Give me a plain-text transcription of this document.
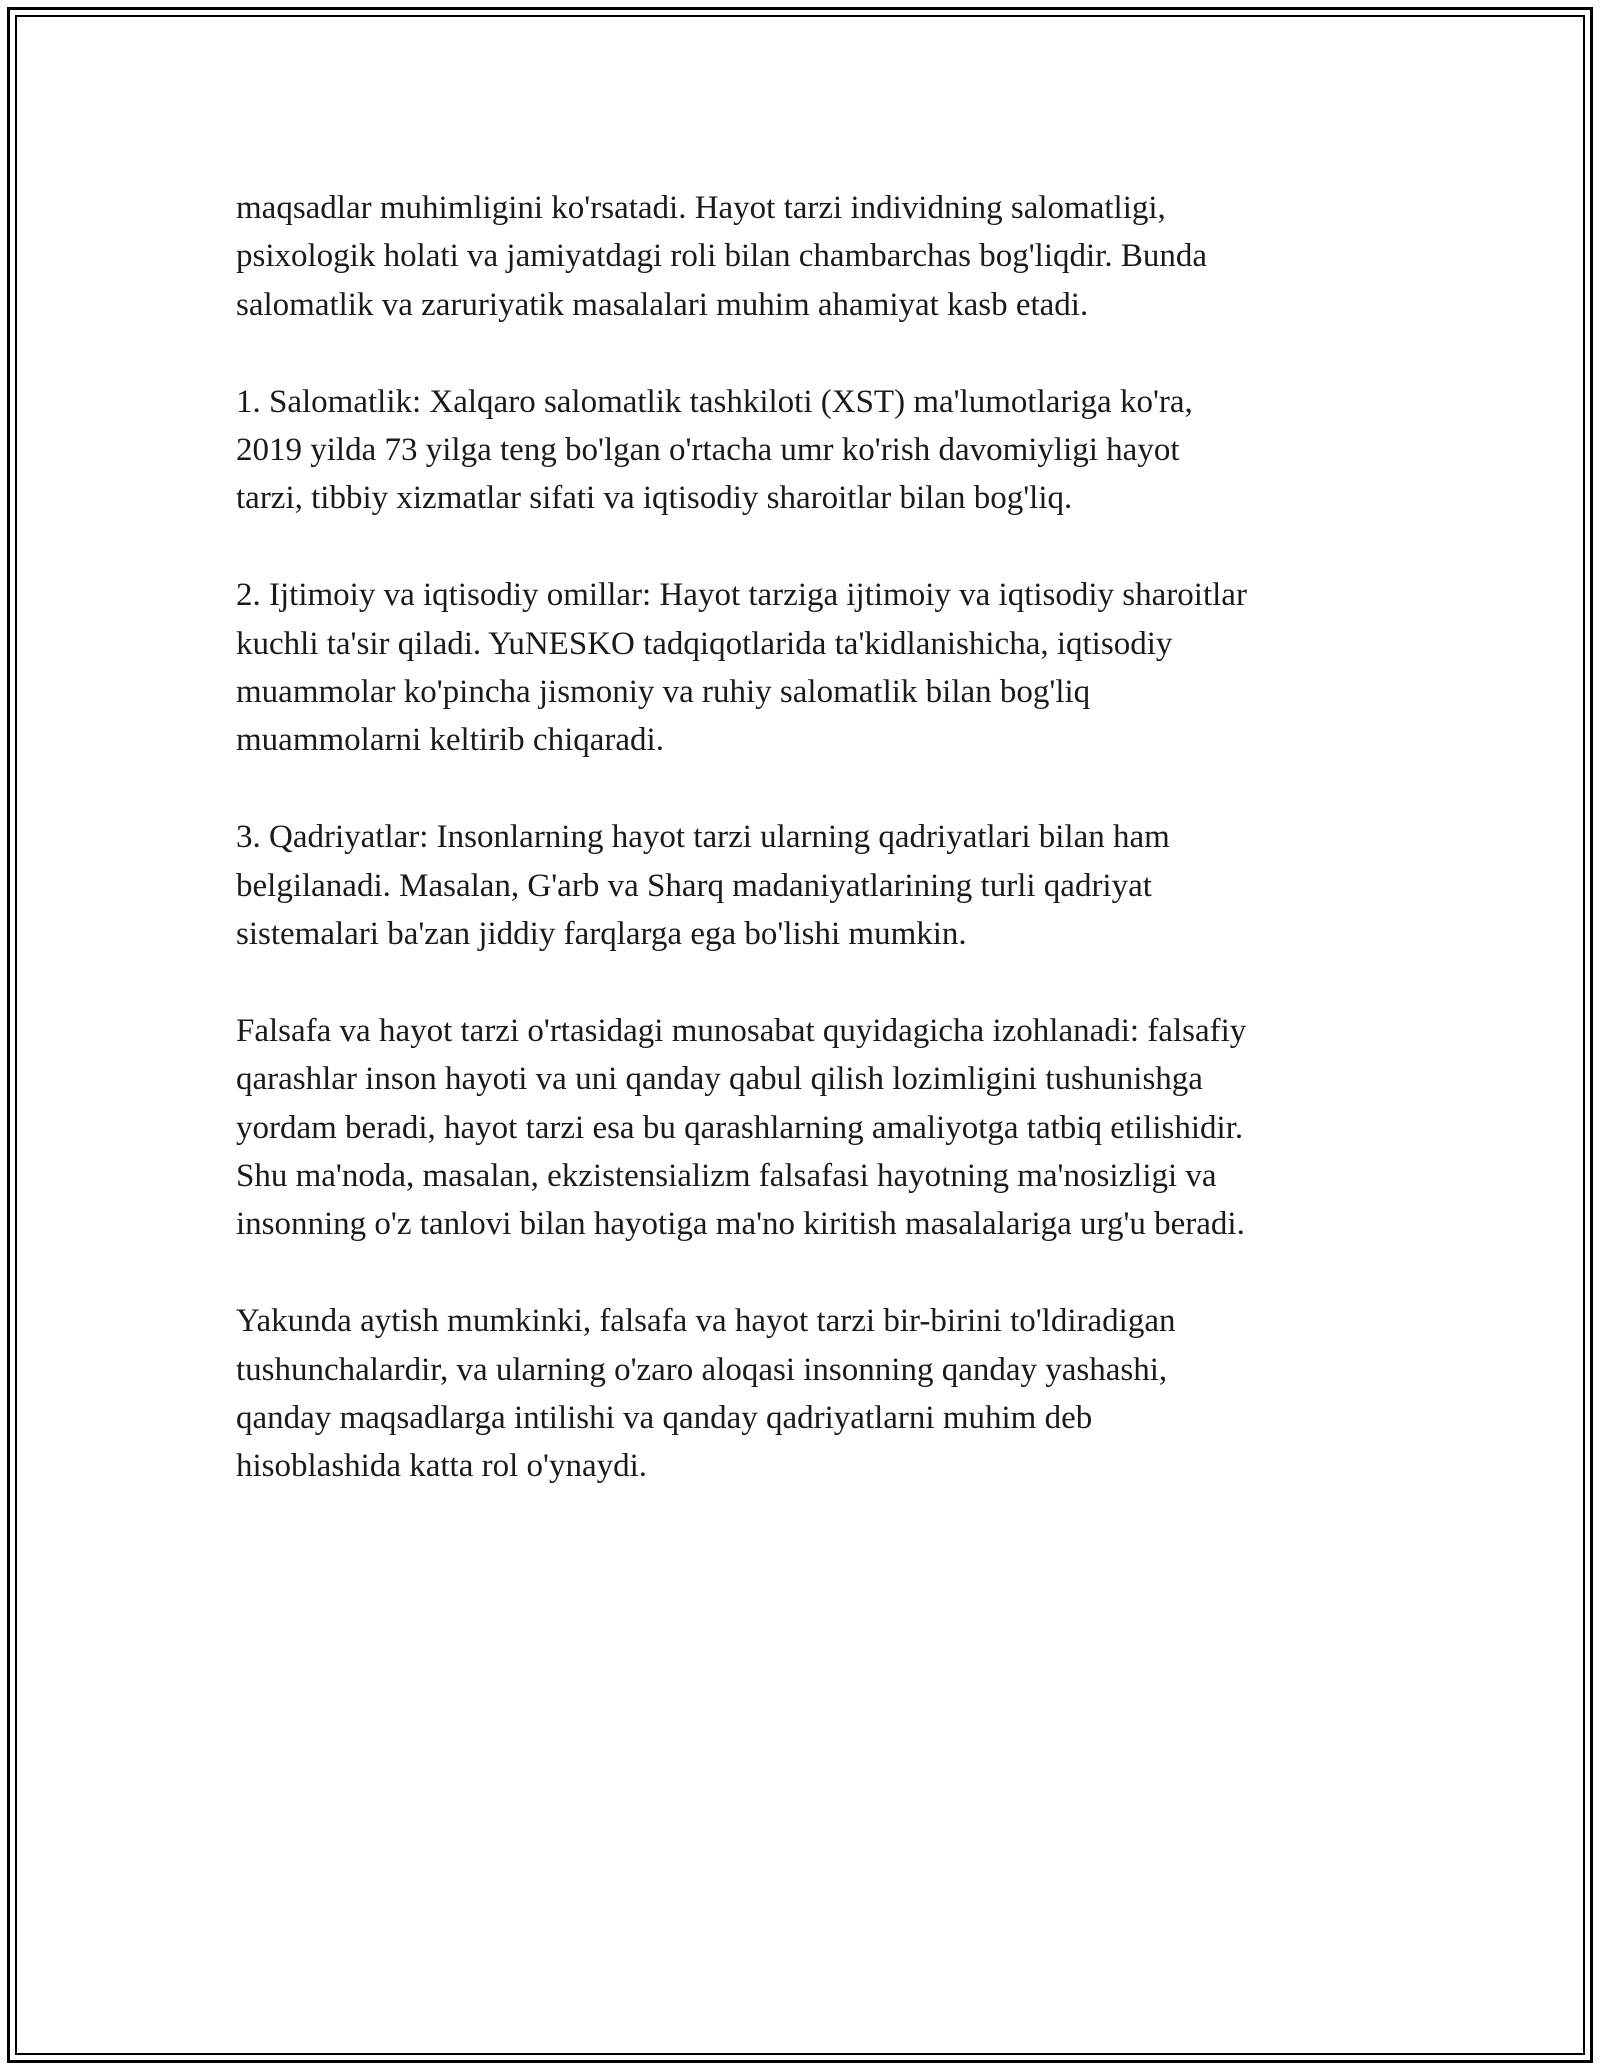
maqsadlar muhimligini ko'rsatadi. Hayot tarzi individning salomatligi,
psixologik holati va jamiyatdagi roli bilan chambarchas bog'liqdir. Bunda
salomatlik va zaruriyatik masalalari muhim ahamiyat kasb etadi.

1. Salomatlik: Xalqaro salomatlik tashkiloti (XST) ma'lumotlariga ko'ra,
2019 yilda 73 yilga teng bo'lgan o'rtacha umr ko'rish davomiyligi hayot
tarzi, tibbiy xizmatlar sifati va iqtisodiy sharoitlar bilan bog'liq.

2. Ijtimoiy va iqtisodiy omillar: Hayot tarziga ijtimoiy va iqtisodiy sharoitlar
kuchli ta'sir qiladi. YuNESKO tadqiqotlarida ta'kidlanishicha, iqtisodiy
muammolar ko'pincha jismoniy va ruhiy salomatlik bilan bog'liq
muammolarni keltirib chiqaradi.

3. Qadriyatlar: Insonlarning hayot tarzi ularning qadriyatlari bilan ham
belgilanadi. Masalan, G'arb va Sharq madaniyatlarining turli qadriyat
sistemalari ba'zan jiddiy farqlarga ega bo'lishi mumkin.

Falsafa va hayot tarzi o'rtasidagi munosabat quyidagicha izohlanadi: falsafiy
qarashlar inson hayoti va uni qanday qabul qilish lozimligini tushunishga
yordam beradi, hayot tarzi esa bu qarashlarning amaliyotga tatbiq etilishidir.
Shu ma'noda, masalan, ekzistensializm falsafasi hayotning ma'nosizligi va
insonning o'z tanlovi bilan hayotiga ma'no kiritish masalalariga urg'u beradi.

Yakunda aytish mumkinki, falsafa va hayot tarzi bir-birini to'ldiradigan
tushunchalardir, va ularning o'zaro aloqasi insonning qanday yashashi,
qanday maqsadlarga intilishi va qanday qadriyatlarni muhim deb
hisoblashida katta rol o'ynaydi.
